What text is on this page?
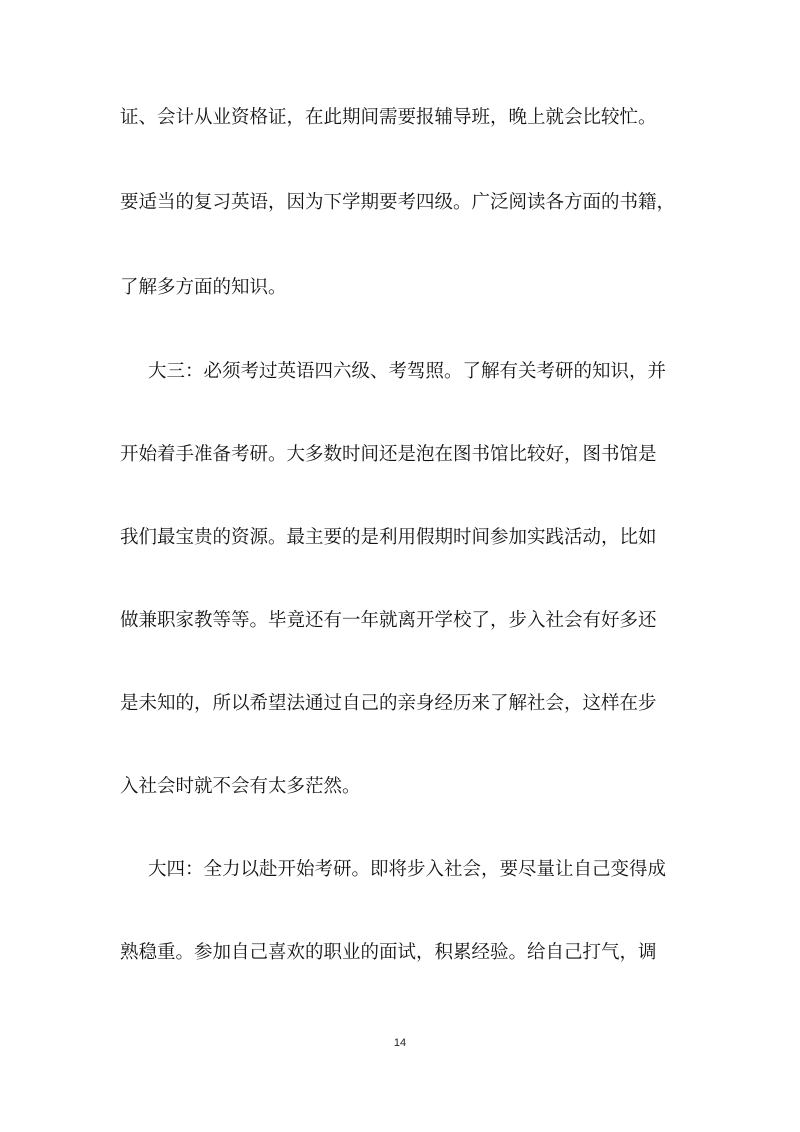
证、会计从业资格证，在此期间需要报辅导班，晚上就会比较忙。

要适当的复习英语，因为下学期要考四级。广泛阅读各方面的书籍，

了解多方面的知识。

大三：必须考过英语四六级、考驾照。了解有关考研的知识，并

开始着手准备考研。大多数时间还是泡在图书馆比较好，图书馆是

我们最宝贵的资源。最主要的是利用假期时间参加实践活动，比如

做兼职家教等等。毕竟还有一年就离开学校了，步入社会有好多还

是未知的，所以希望法通过自己的亲身经历来了解社会，这样在步

入社会时就不会有太多茫然。

大四：全力以赴开始考研。即将步入社会，要尽量让自己变得成

熟稳重。参加自己喜欢的职业的面试，积累经验。给自己打气，调

14
